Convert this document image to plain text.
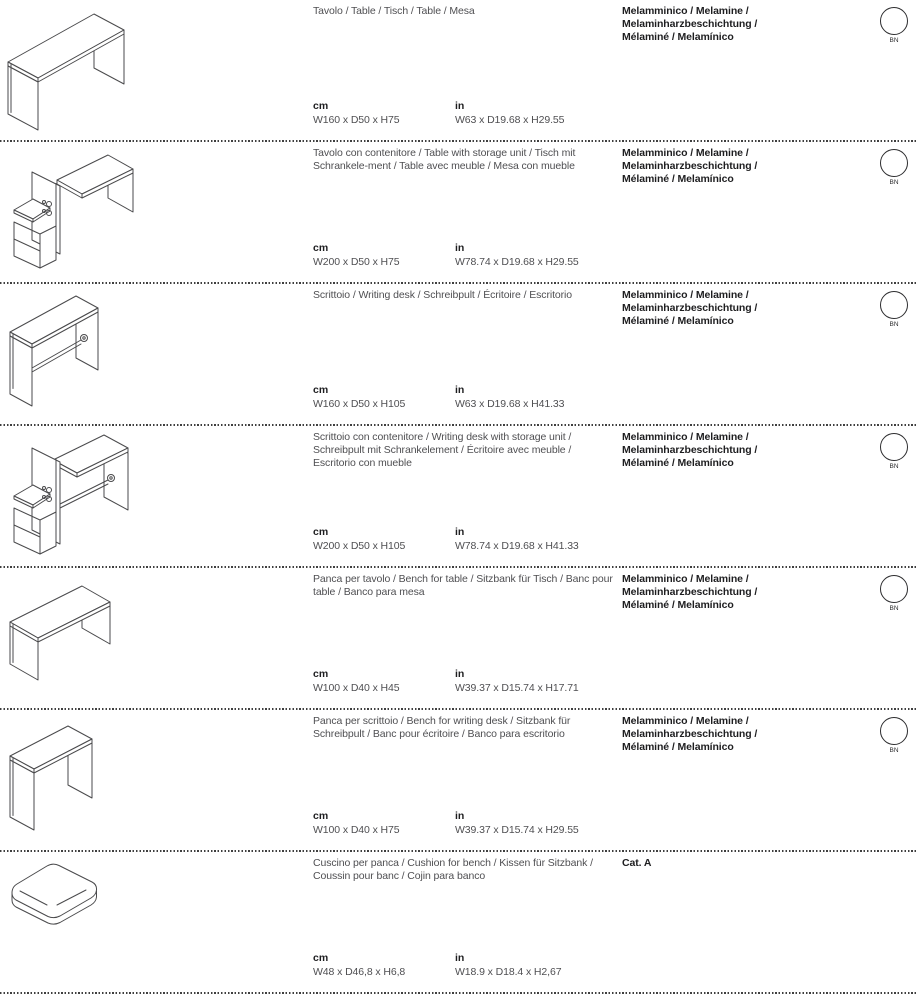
Tavolo / Table / Tisch / Table / Mesa

cm
W160 x D50 x H75
in
W63 x D19.68 x H29.55

Melamminico / Melamine / Melaminharzbeschichtung / Mélaminé / Melamínico	BN

Tavolo con contenitore / Table with storage unit / Tisch mit Schrankele-ment / Table avec meuble / Mesa con mueble

cm
W200 x D50 x H75
in
W78.74 x D19.68 x H29.55

Melamminico / Melamine / Melaminharzbeschichtung / Mélaminé / Melamínico	BN

Scrittoio / Writing desk / Schreibpult / Écritoire / Escritorio

cm
W160 x D50 x H105
in
W63 x D19.68 x H41.33

Melamminico / Melamine / Melaminharzbeschichtung / Mélaminé / Melamínico	BN

Scrittoio con contenitore / Writing desk with storage unit / Schreibpult mit Schrankelement / Écritoire avec meuble / Escritorio con mueble

cm
W200 x D50 x H105
in
W78.74 x D19.68 x H41.33

Melamminico / Melamine / Melaminharzbeschichtung / Mélaminé / Melamínico	BN

Panca per tavolo / Bench for table / Sitzbank für Tisch / Banc pour table / Banco para mesa

cm
W100 x D40 x H45
in
W39.37 x D15.74 x H17.71

Melamminico / Melamine / Melaminharzbeschichtung / Mélaminé / Melamínico	BN

Panca per scrittoio / Bench for writing desk / Sitzbank für Schreibpult / Banc pour écritoire / Banco para escritorio

cm
W100 x D40 x H75
in
W39.37 x D15.74 x H29.55

Melamminico / Melamine / Melaminharzbeschichtung / Mélaminé / Melamínico	BN

Cuscino per panca / Cushion for bench / Kissen für Sitzbank / Coussin pour banc / Cojin para banco

cm
W48 x D46,8 x H6,8
in
W18.9 x D18.4 x H2,67

Cat. A
